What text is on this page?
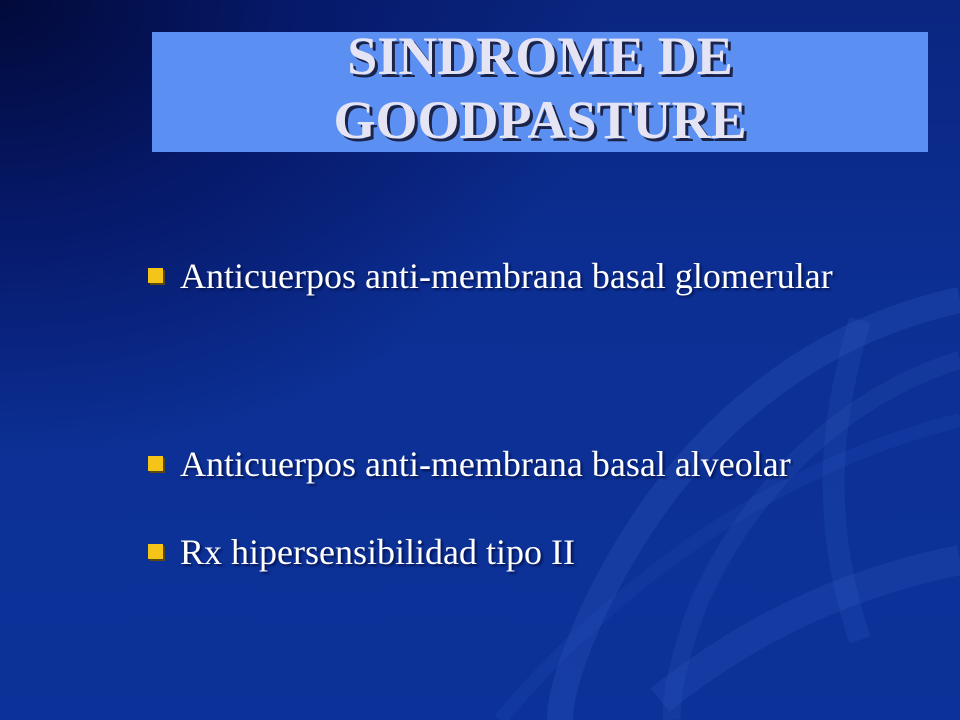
SINDROME DE GOODPASTURE
Anticuerpos anti-membrana basal glomerular
Anticuerpos anti-membrana basal alveolar
Rx hipersensibilidad tipo II
